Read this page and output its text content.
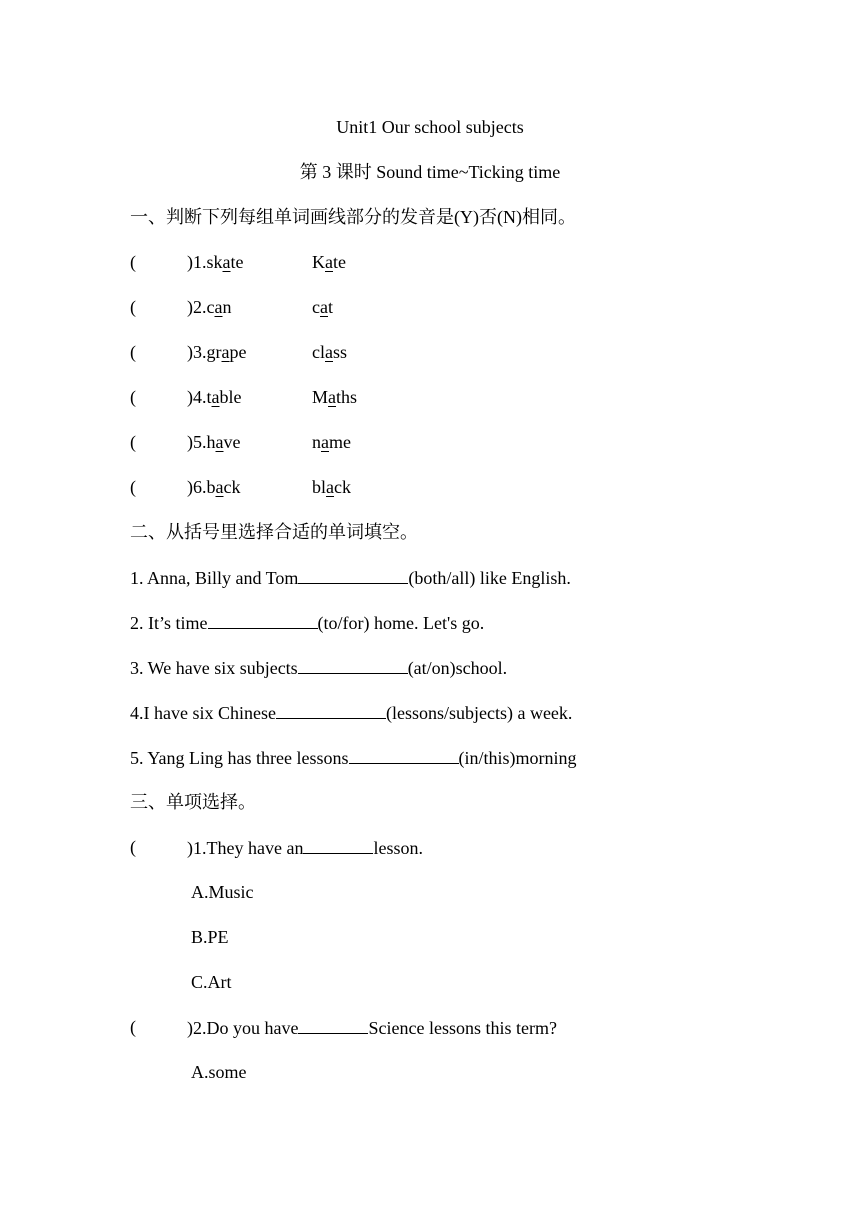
Unit1 Our school subjects
第 3 课时 Sound time~Ticking time
一、判断下列每组单词画线部分的发音是(Y)否(N)相同。
(	)1.skate	Kate
(	)2.can	cat
(	)3.grape	class
(	)4.table	Maths
(	)5.have	name
(	)6.back	black
二、从括号里选择合适的单词填空。
1. Anna, Billy and Tom	(both/all) like English.
2. It’s time	(to/for) home. Let's go.
3. We have six subjects	(at/on)school.
4.I have six Chinese	(lessons/subjects) a week.
5. Yang Ling has three lessons	(in/this)morning
三、单项选择。
(	)1.They have an	lesson.
A.Music
B.PE
C.Art
(	)2.Do you have	Science lessons this term?
A.some
